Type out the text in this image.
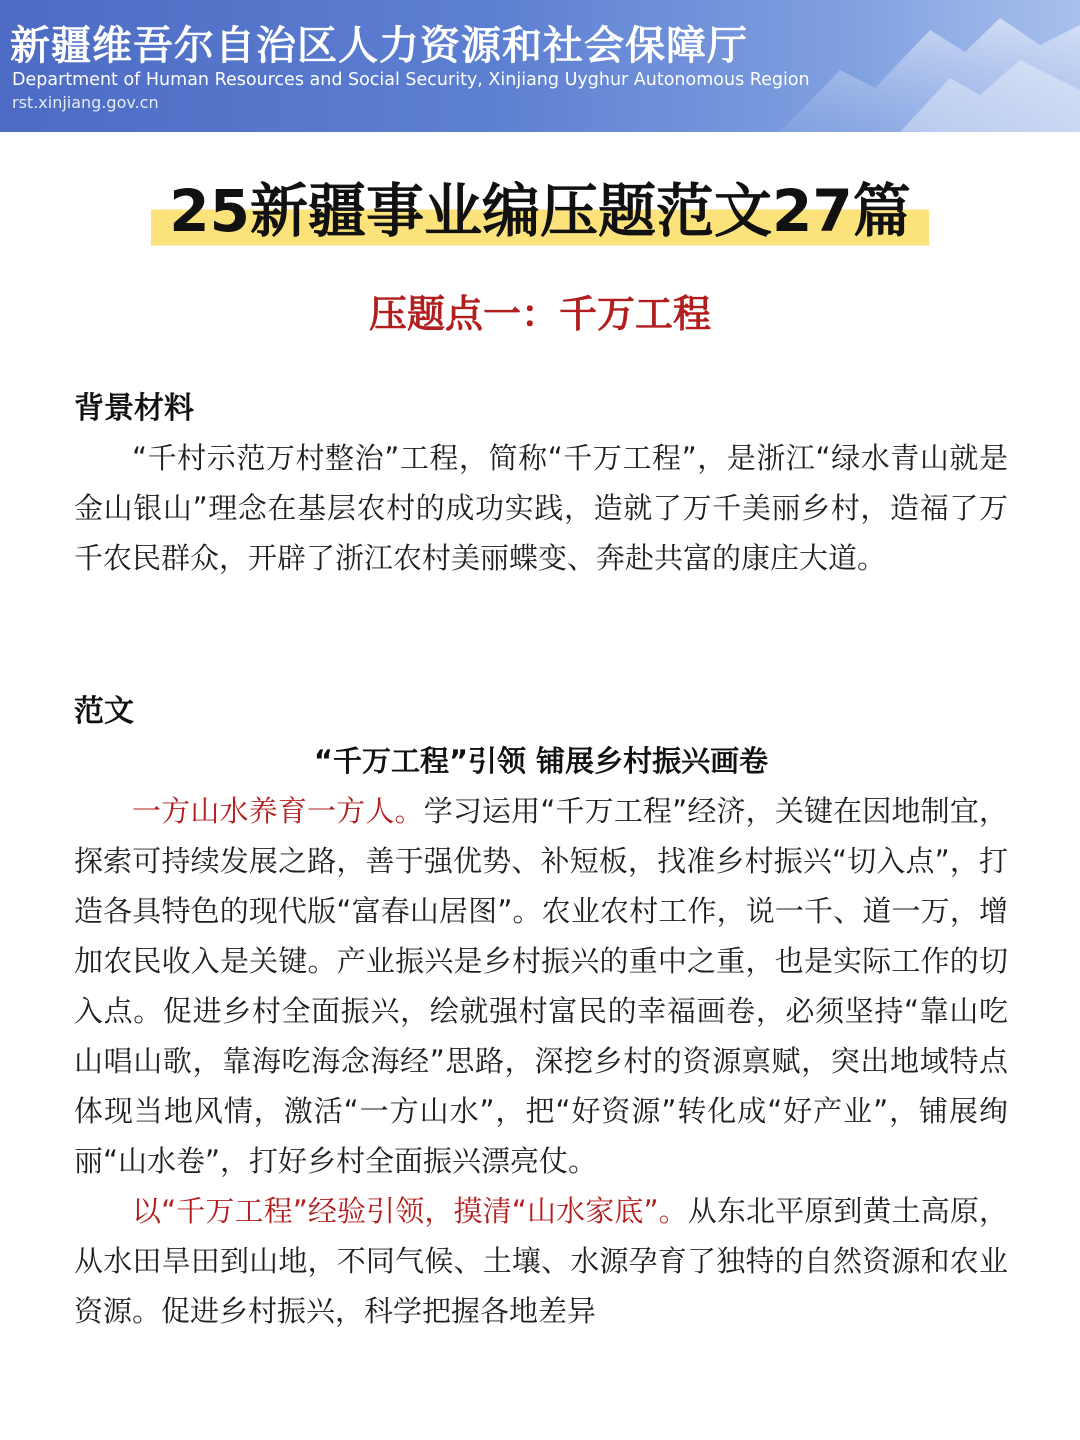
新疆维吾尔自治区人力资源和社会保障厅
Department of Human Resources and Social Security, Xinjiang Uyghur Autonomous Region
rst.xinjiang.gov.cn
25新疆事业编压题范文27篇
压题点一：千万工程
背景材料

“千村示范万村整治”工程，简称“千万工程”，是浙江“绿水青山就是金山银山”理念在基层农村的成功实践，造就了万千美丽乡村，造福了万千农民群众，开辟了浙江农村美丽蝶变、奔赴共富的康庄大道。

范文
“千万工程”引领 铺展乡村振兴画卷

一方山水养育一方人。学习运用“千万工程”经济，关键在因地制宜，探索可持续发展之路，善于强优势、补短板，找准乡村振兴“切入点”，打造各具特色的现代版“富春山居图”。农业农村工作，说一千、道一万，增加农民收入是关键。产业振兴是乡村振兴的重中之重，也是实际工作的切入点。促进乡村全面振兴，绘就强村富民的幸福画卷，必须坚持“靠山吃山唱山歌，靠海吃海念海经”思路，深挖乡村的资源禀赋，突出地域特点体现当地风情，激活“一方山水”，把“好资源”转化成“好产业”，铺展绚丽“山水卷”，打好乡村全面振兴漂亮仗。

以“千万工程”经验引领，摸清“山水家底”。从东北平原到黄土高原，从水田旱田到山地，不同气候、土壤、水源孕育了独特的自然资源和农业资源。促进乡村振兴，科学把握各地差异
